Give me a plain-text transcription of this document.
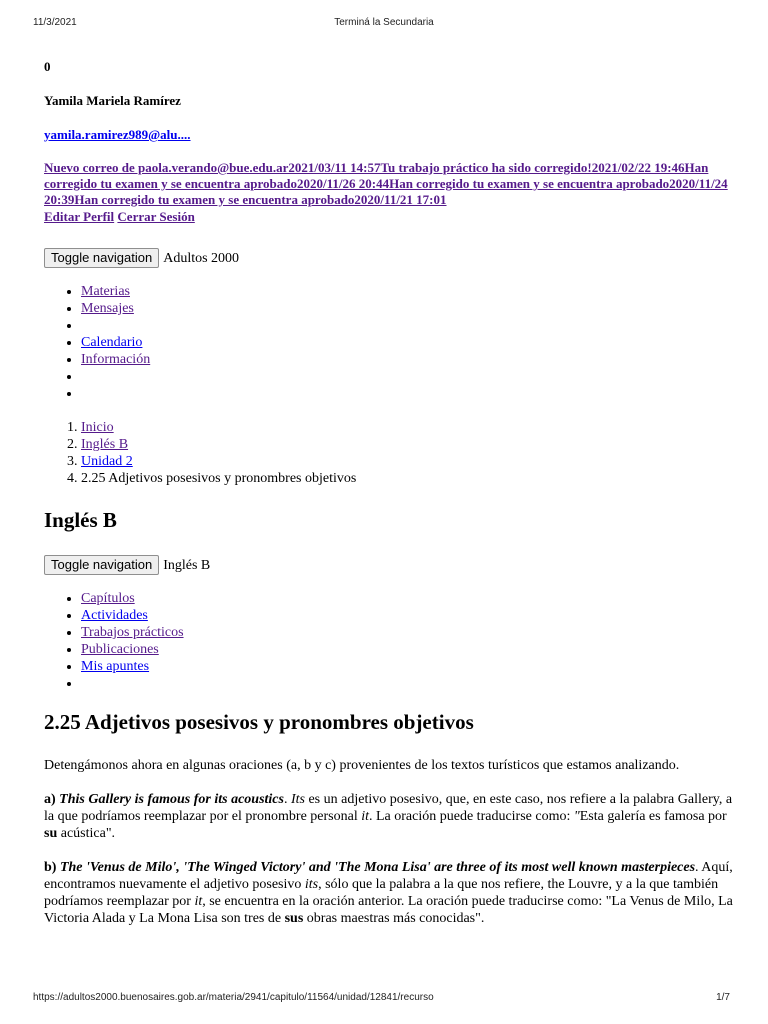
11/3/2021	Terminá la Secundaria
0
Yamila Mariela Ramírez
yamila.ramirez989@alu....
Nuevo correo de paola.verando@bue.edu.ar2021/03/11 14:57Tu trabajo práctico ha sido corregido!2021/02/22 19:46Han corregido tu examen y se encuentra aprobado2020/11/26 20:44Han corregido tu examen y se encuentra aprobado2020/11/24 20:39Han corregido tu examen y se encuentra aprobado2020/11/21 17:01
Editar Perfil Cerrar Sesión
Toggle navigation Adultos 2000
• Materias
• Mensajes
•
• Calendario
• Información
•
•
1. Inicio
2. Inglés B
3. Unidad 2
4. 2.25 Adjetivos posesivos y pronombres objetivos
Inglés B
Toggle navigation Inglés B
• Capítulos
• Actividades
• Trabajos prácticos
• Publicaciones
• Mis apuntes
•
2.25 Adjetivos posesivos y pronombres objetivos

Detengámonos ahora en algunas oraciones (a, b y c) provenientes de los textos turísticos que estamos analizando.

a) This Gallery is famous for its acoustics. Its es un adjetivo posesivo, que, en este caso, nos refiere a la palabra Gallery, a la que podríamos reemplazar por el pronombre personal it. La oración puede traducirse como: "Esta galería es famosa por su acústica".

b) The 'Venus de Milo', 'The Winged Victory' and 'The Mona Lisa' are three of its most well known masterpieces. Aquí, encontramos nuevamente el adjetivo posesivo its, sólo que la palabra a la que nos refiere, the Louvre, y a la que también podríamos reemplazar por it, se encuentra en la oración anterior. La oración puede traducirse como: "La Venus de Milo, La Victoria Alada y La Mona Lisa son tres de sus obras maestras más conocidas".

https://adultos2000.buenosaires.gob.ar/materia/2941/capitulo/11564/unidad/12841/recurso	1/7
